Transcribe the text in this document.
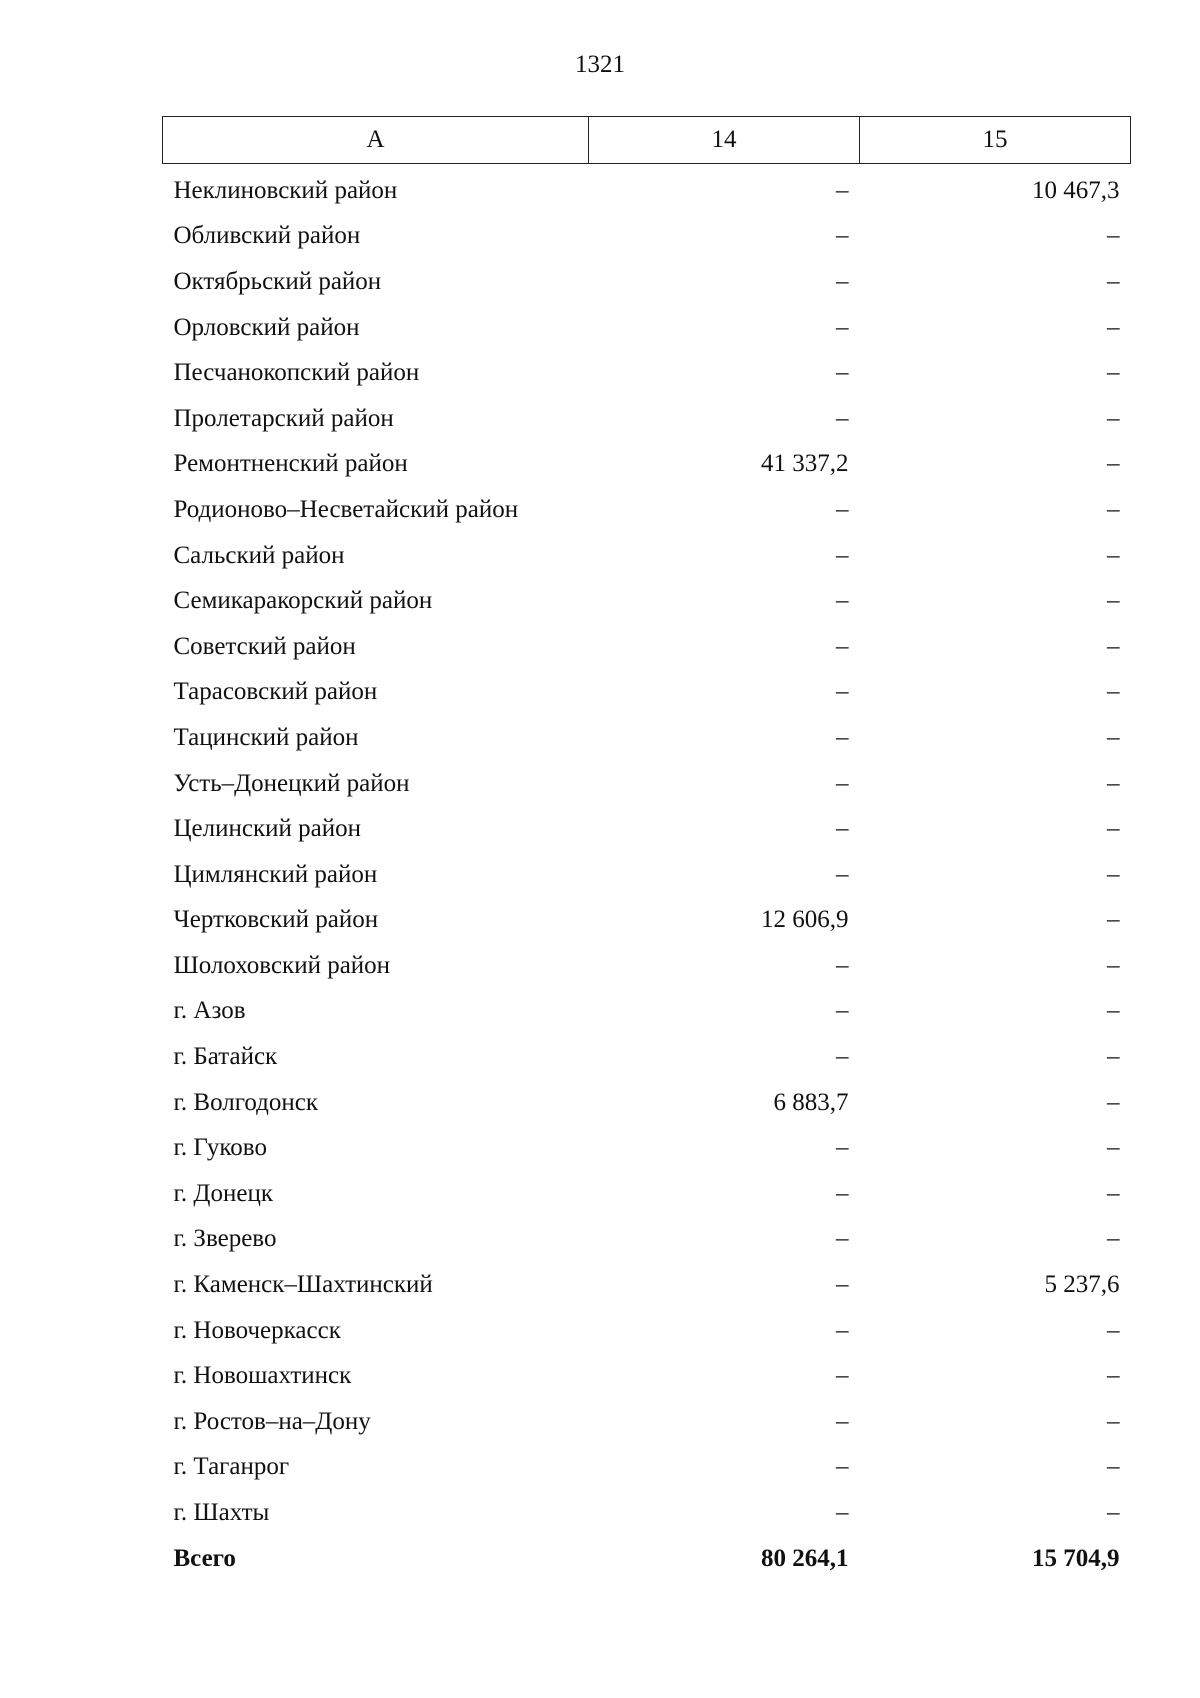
1321
А	14	15
Неклиновский район	–	10 467,3
Обливский район	–	–
Октябрьский район	–	–
Орловский район	–	–
Песчанокопский район	–	–
Пролетарский район	–	–
Ремонтненский район	41 337,2	–
Родионово–Несветайский район	–	–
Сальский район	–	–
Семикаракорский район	–	–
Советский район	–	–
Тарасовский район	–	–
Тацинский район	–	–
Усть–Донецкий район	–	–
Целинский район	–	–
Цимлянский район	–	–
Чертковский район	12 606,9	–
Шолоховский район	–	–
г. Азов	–	–
г. Батайск	–	–
г. Волгодонск	6 883,7	–
г. Гуково	–	–
г. Донецк	–	–
г. Зверево	–	–
г. Каменск–Шахтинский	–	5 237,6
г. Новочеркасск	–	–
г. Новошахтинск	–	–
г. Ростов–на–Дону	–	–
г. Таганрог	–	–
г. Шахты	–	–
Всего	80 264,1	15 704,9
